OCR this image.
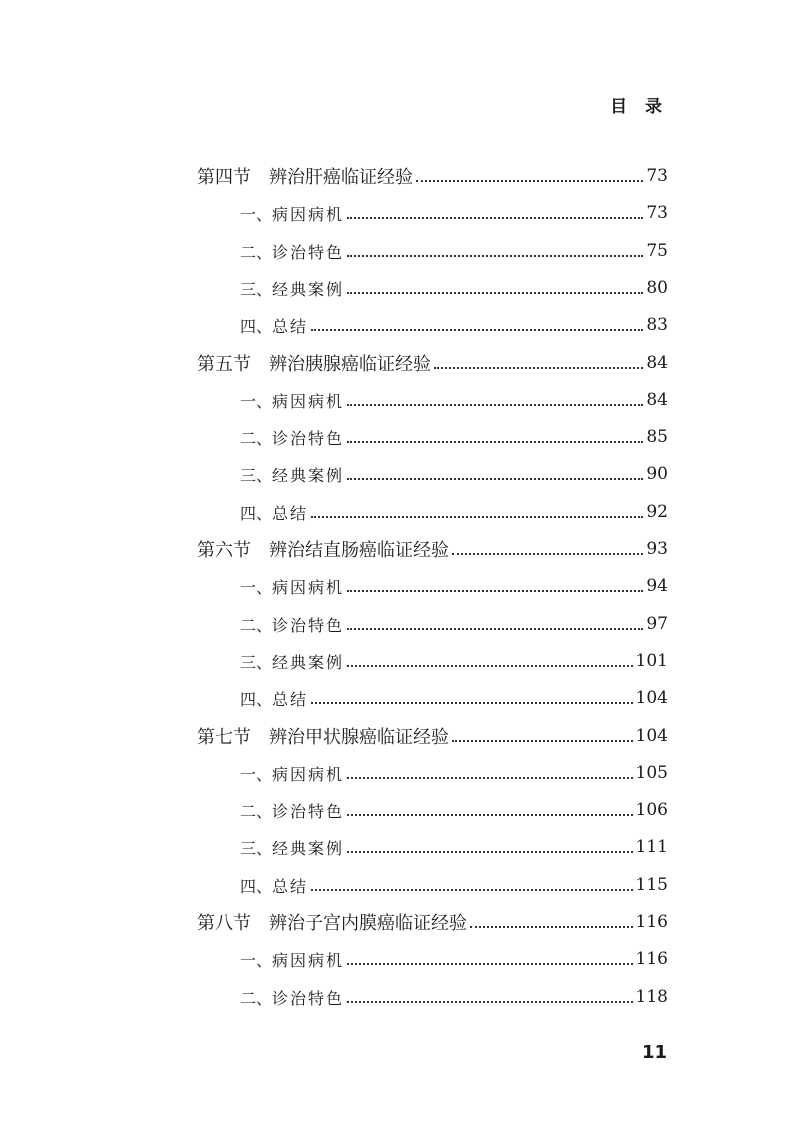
目 录
第四节 辨治肝癌临证经验	73
一、病因病机	73
二、诊治特色	75
三、经典案例	80
四、总结	83
第五节 辨治胰腺癌临证经验	84
一、病因病机	84
二、诊治特色	85
三、经典案例	90
四、总结	92
第六节 辨治结直肠癌临证经验	93
一、病因病机	94
二、诊治特色	97
三、经典案例	101
四、总结	104
第七节 辨治甲状腺癌临证经验	104
一、病因病机	105
二、诊治特色	106
三、经典案例	111
四、总结	115
第八节 辨治子宫内膜癌临证经验	116
一、病因病机	116
二、诊治特色	118
11
